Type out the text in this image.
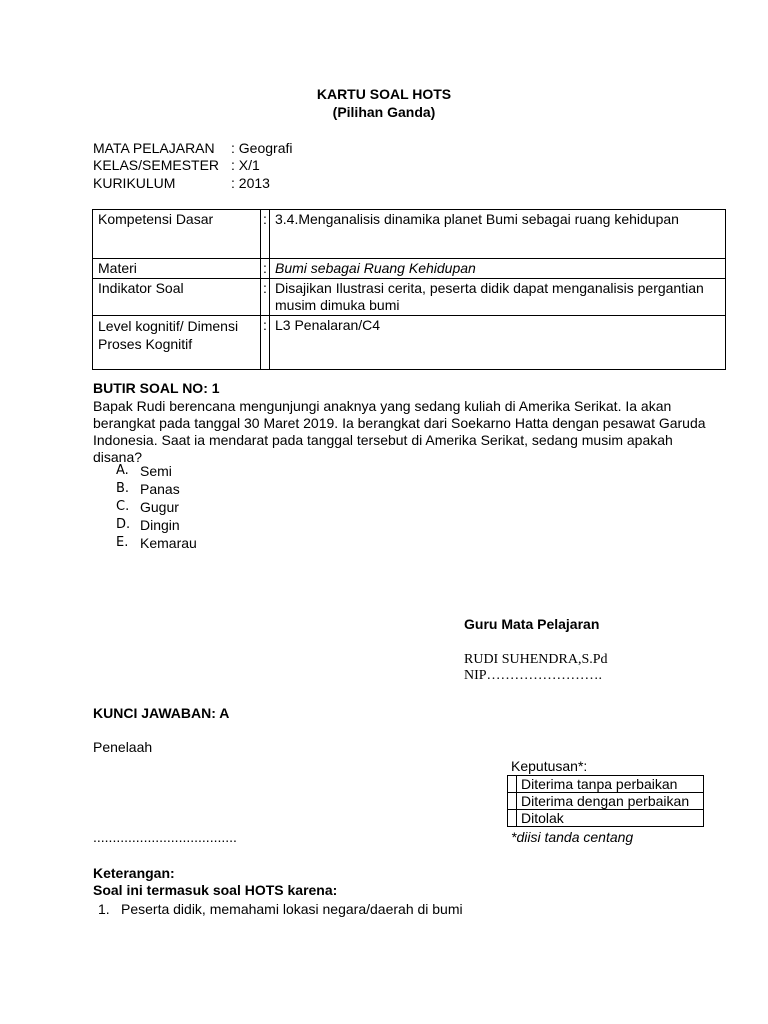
KARTU SOAL HOTS
(Pilihan Ganda)
MATA PELAJARAN : Geografi
KELAS/SEMESTER : X/1
KURIKULUM	: 2013
Kompetensi Dasar	:	3.4.Menganalisis dinamika planet Bumi sebagai ruang kehidupan
Materi	:	Bumi sebagai Ruang Kehidupan
Indikator Soal	:	Disajikan Ilustrasi cerita, peserta didik dapat menganalisis pergantian musim dimuka bumi
Level kognitif/ Dimensi Proses Kognitif	:	L3 Penalaran/C4
BUTIR SOAL NO: 1
Bapak Rudi berencana mengunjungi anaknya yang sedang kuliah di Amerika Serikat. Ia akan berangkat pada tanggal 30 Maret 2019. Ia berangkat dari Soekarno Hatta dengan pesawat Garuda Indonesia. Saat ia mendarat pada tanggal tersebut di Amerika Serikat, sedang musim apakah disana?
A. Semi
B. Panas
C. Gugur
D. Dingin
E. Kemarau
Guru Mata Pelajaran
RUDI SUHENDRA,S.Pd
NIP…………………….
KUNCI JAWABAN: A
Penelaah
.....................................
Keputusan*:
	Diterima tanpa perbaikan
	Diterima dengan perbaikan
	Ditolak
*diisi tanda centang
Keterangan:
Soal ini termasuk soal HOTS karena:
1. Peserta didik, memahami lokasi negara/daerah di bumi
